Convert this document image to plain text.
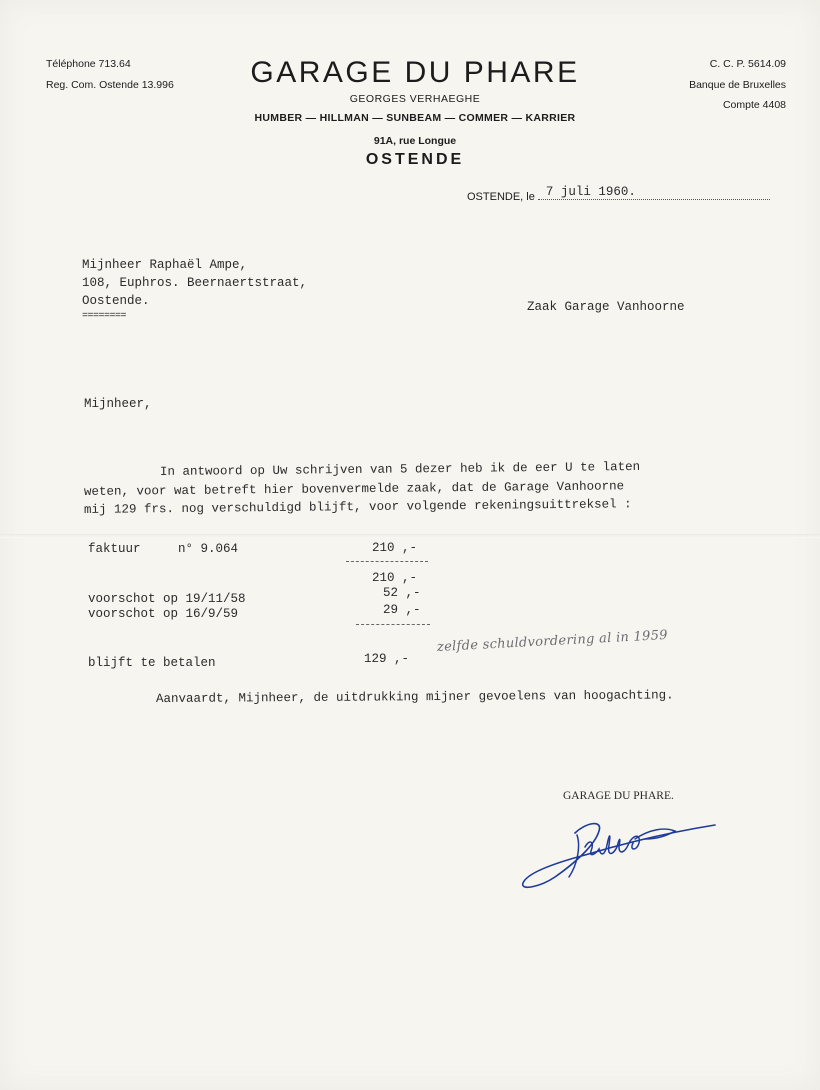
Téléphone 713.64
Reg. Com. Ostende 13.996	GARAGE DU PHARE
GEORGES VERHAEGHE
HUMBER — HILLMAN — SUNBEAM — COMMER — KARRIER
91A, rue Longue
OSTENDE
C. C. P. 5614.09
Banque de Bruxelles
Compte 4408
OSTENDE, le 7 juli 1960.
Mijnheer Raphaël Ampe,
108, Euphros. Beernaertstraat,
Oostende.
========
Zaak Garage Vanhoorne
Mijnheer,
In antwoord op Uw schrijven van 5 dezer heb ik de eer U te laten
weten, voor wat betreft hier bovenvermelde zaak, dat de Garage Vanhoorne
mij 129 frs. nog verschuldigd blijft, voor volgende rekeningsuittreksel :
faktuur	n° 9.064	210 ,-
210 ,-
voorschot op 19/11/58	52 ,-
voorschot op 16/9/59	29 ,-
blijft te betalen	129 ,-
zelfde schuldvordering al in 1959
Aanvaardt, Mijnheer, de uitdrukking mijner gevoelens van hoogachting.
GARAGE DU PHARE.
